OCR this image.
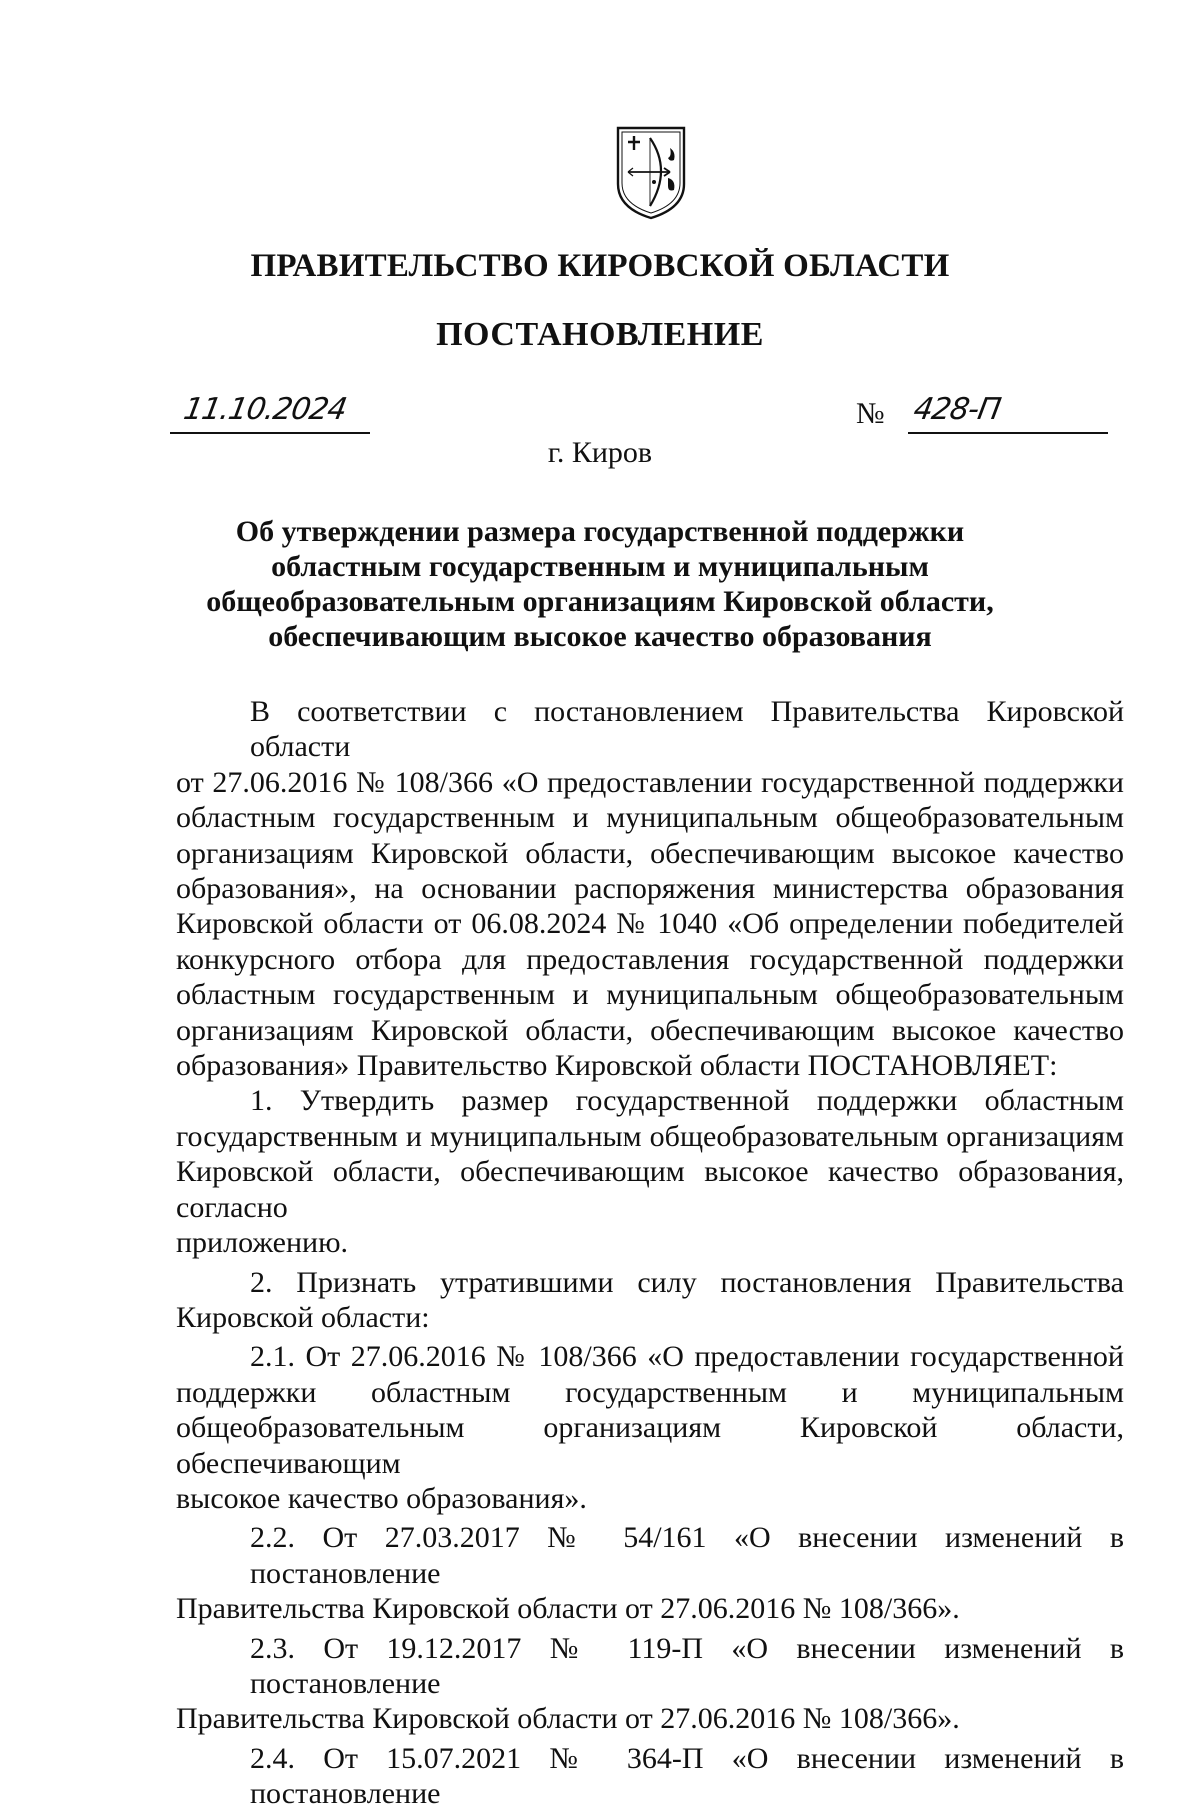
ПРАВИТЕЛЬСТВО КИРОВСКОЙ ОБЛАСТИ
ПОСТАНОВЛЕНИЕ
11.10.2024	№ 428-П
г. Киров
Об утверждении размера государственной поддержки
областным государственным и муниципальным
общеобразовательным организациям Кировской области,
обеспечивающим высокое качество образования
В соответствии с постановлением Правительства Кировской области
от 27.06.2016 № 108/366 «О предоставлении государственной поддержки
областным государственным и муниципальным общеобразовательным
организациям Кировской области, обеспечивающим высокое качество
образования», на основании распоряжения министерства образования
Кировской области от 06.08.2024 № 1040 «Об определении победителей
конкурсного отбора для предоставления государственной поддержки
областным государственным и муниципальным общеобразовательным
организациям Кировской области, обеспечивающим высокое качество
образования» Правительство Кировской области ПОСТАНОВЛЯЕТ:
1. Утвердить размер государственной поддержки областным
государственным и муниципальным общеобразовательным организациям
Кировской области, обеспечивающим высокое качество образования, согласно
приложению.
2. Признать утратившими силу постановления Правительства
Кировской области:
2.1. От 27.06.2016 № 108/366 «О предоставлении государственной
поддержки областным государственным и муниципальным
общеобразовательным организациям Кировской области, обеспечивающим
высокое качество образования».
2.2. От 27.03.2017 № 54/161 «О внесении изменений в постановление
Правительства Кировской области от 27.06.2016 № 108/366».
2.3. От 19.12.2017 № 119-П «О внесении изменений в постановление
Правительства Кировской области от 27.06.2016 № 108/366».
2.4. От 15.07.2021 № 364-П «О внесении изменений в постановление
